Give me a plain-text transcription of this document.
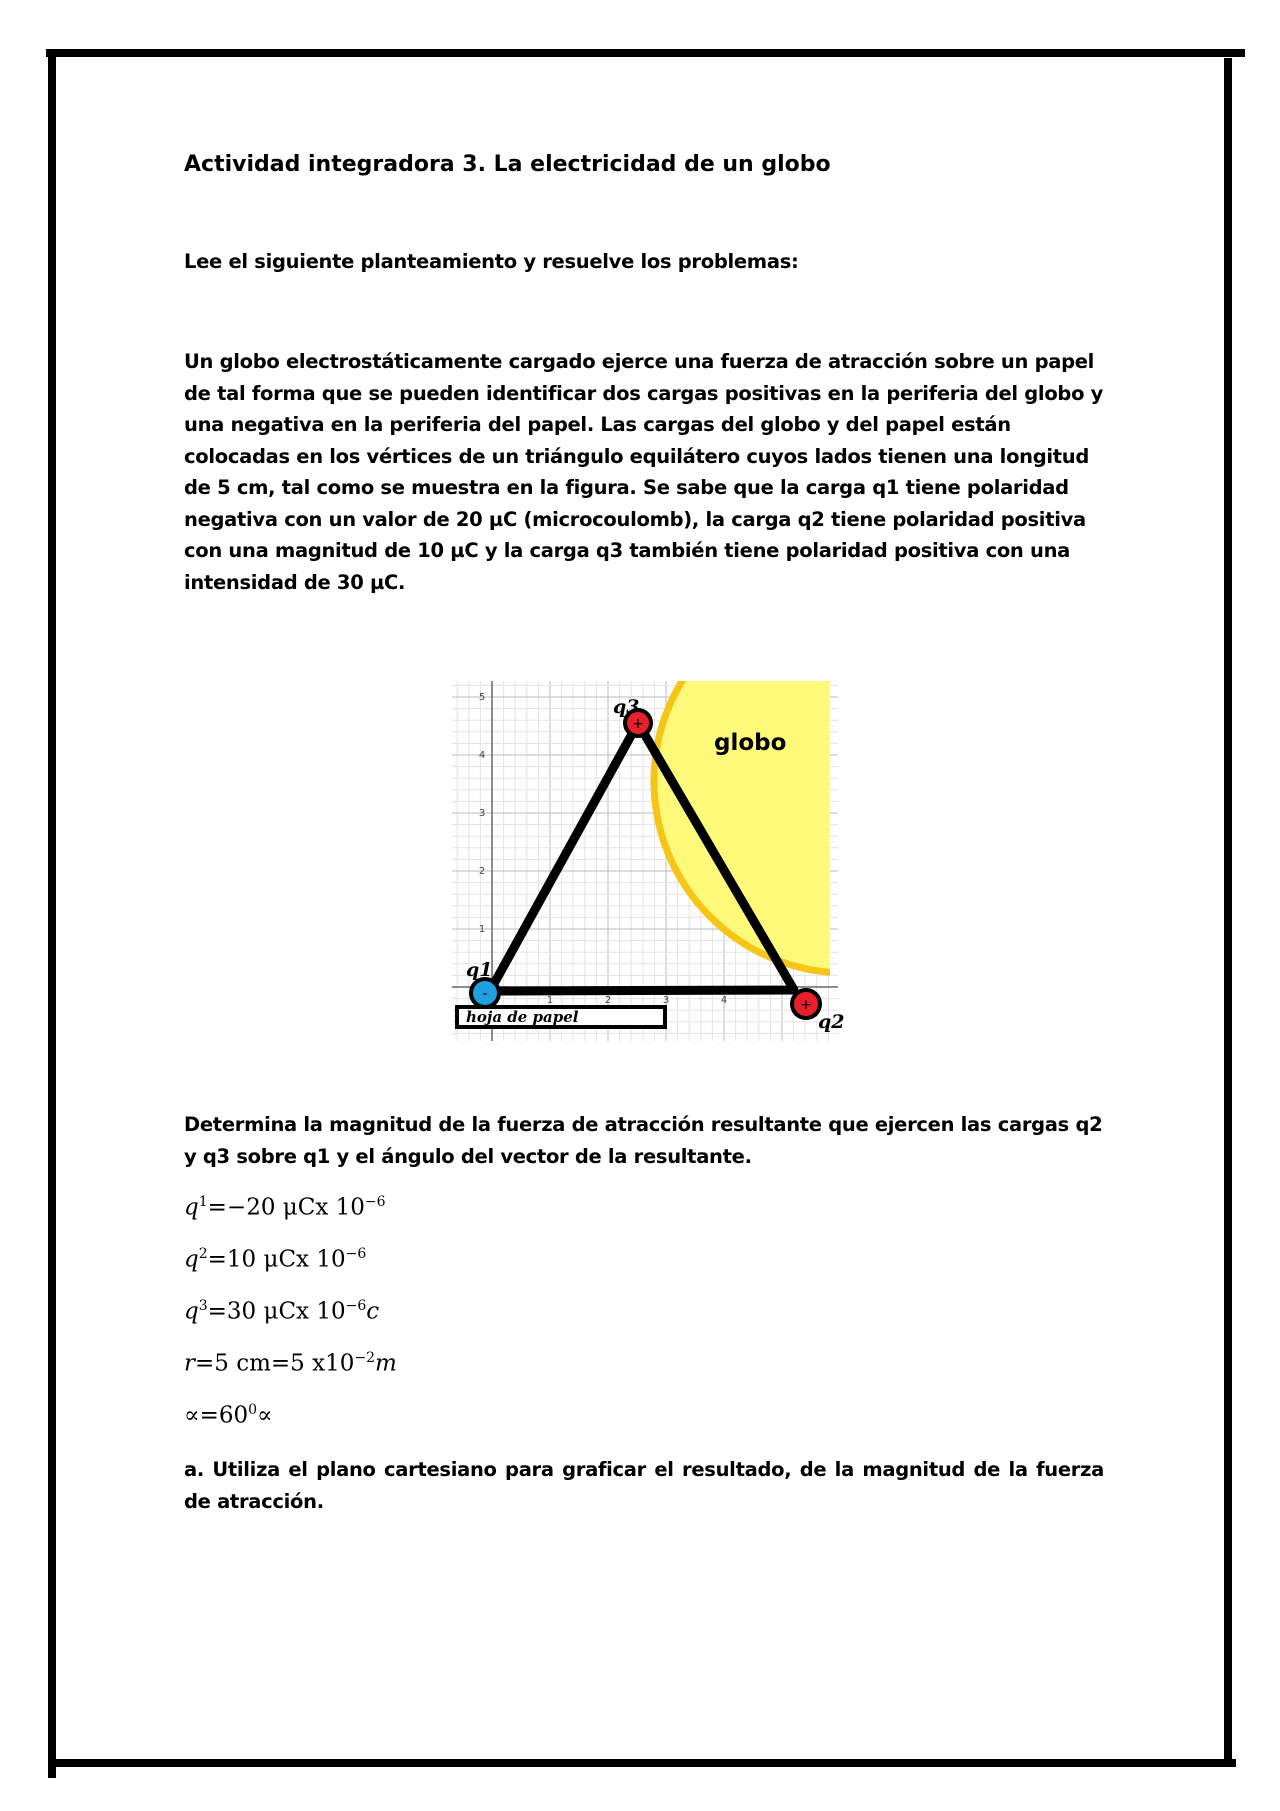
Actividad integradora 3. La electricidad de un globo
Lee el siguiente planteamiento y resuelve los problemas:
Un globo electrostáticamente cargado ejerce una fuerza de atracción sobre un papel de tal forma que se pueden identificar dos cargas positivas en la periferia del globo y una negativa en la periferia del papel. Las cargas del globo y del papel están colocadas en los vértices de un triángulo equilátero cuyos lados tienen una longitud de 5 cm, tal como se muestra en la figura. Se sabe que la carga q1 tiene polaridad negativa con un valor de 20 µC (microcoulomb), la carga q2 tiene polaridad positiva con una magnitud de 10 µC y la carga q3 también tiene polaridad positiva con una intensidad de 30 µC.
1	2	3	4
1
2
3
4
5
globo
hoja de papel
-
+
+
q1
q3
q2
Determina la magnitud de la fuerza de atracción resultante que ejercen las cargas q2 y q3 sobre q1 y el ángulo del vector de la resultante.
$q^1=-20$ μCx $10^{-6}$
$q^2=10$ μCx $10^{-6}$
$q^3=30$ μCx $10^{-6}c$
r=5 cm=5 $x10^{-2}m$
$\propto=60^0\propto$
a. Utiliza el plano cartesiano para graficar el resultado, de la magnitud de la fuerza de atracción.
